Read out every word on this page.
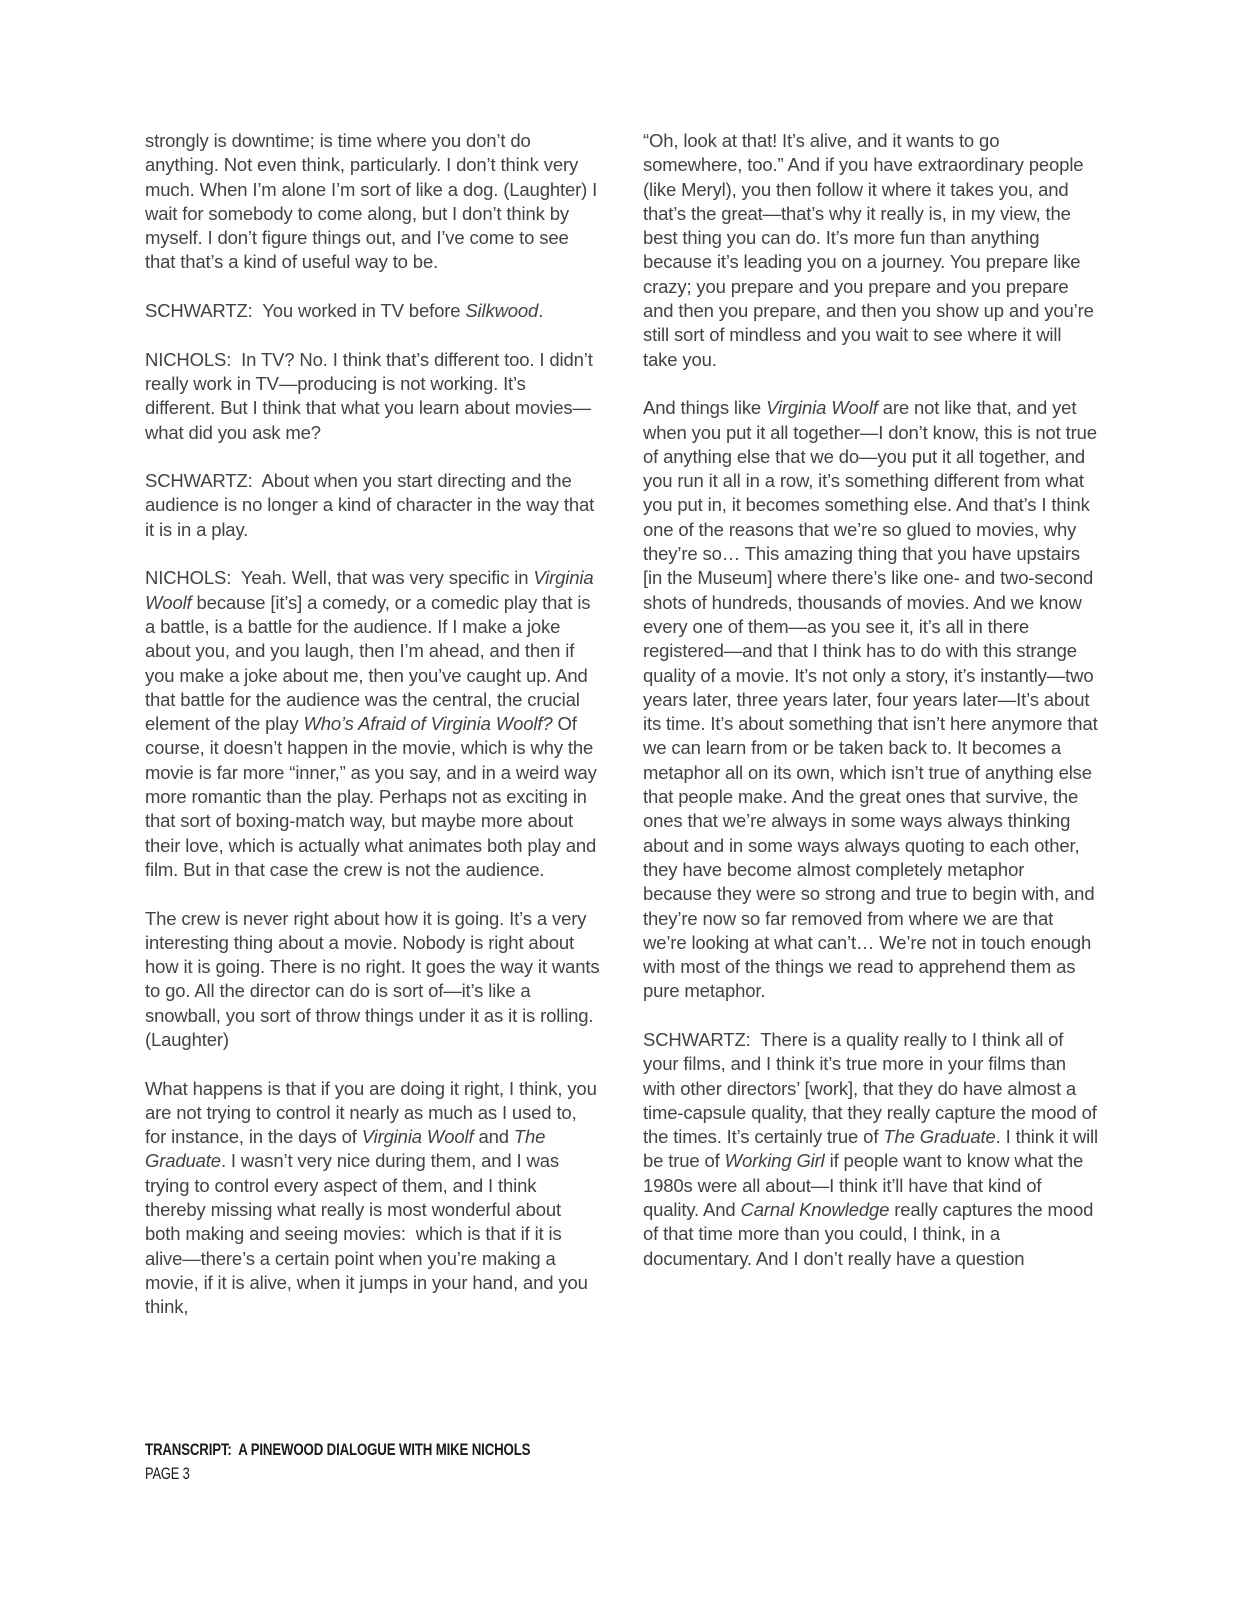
strongly is downtime; is time where you don’t do anything. Not even think, particularly. I don’t think very much. When I’m alone I’m sort of like a dog. (Laughter) I wait for somebody to come along, but I don’t think by myself. I don’t figure things out, and I’ve come to see that that’s a kind of useful way to be.

SCHWARTZ:  You worked in TV before Silkwood.

NICHOLS:  In TV? No. I think that’s different too. I didn’t really work in TV—producing is not working. It’s different. But I think that what you learn about movies—what did you ask me?

SCHWARTZ:  About when you start directing and the audience is no longer a kind of character in the way that it is in a play.

NICHOLS:  Yeah. Well, that was very specific in Virginia Woolf because [it’s] a comedy, or a comedic play that is a battle, is a battle for the audience. If I make a joke about you, and you laugh, then I’m ahead, and then if you make a joke about me, then you’ve caught up. And that battle for the audience was the central, the crucial element of the play Who’s Afraid of Virginia Woolf? Of course, it doesn’t happen in the movie, which is why the movie is far more “inner,” as you say, and in a weird way more romantic than the play. Perhaps not as exciting in that sort of boxing-match way, but maybe more about their love, which is actually what animates both play and film. But in that case the crew is not the audience.

The crew is never right about how it is going. It’s a very interesting thing about a movie. Nobody is right about how it is going. There is no right. It goes the way it wants to go. All the director can do is sort of—it’s like a snowball, you sort of throw things under it as it is rolling. (Laughter)

What happens is that if you are doing it right, I think, you are not trying to control it nearly as much as I used to, for instance, in the days of Virginia Woolf and The Graduate. I wasn’t very nice during them, and I was trying to control every aspect of them, and I think thereby missing what really is most wonderful about both making and seeing movies:  which is that if it is alive—there’s a certain point when you’re making a movie, if it is alive, when it jumps in your hand, and you think,

“Oh, look at that! It’s alive, and it wants to go somewhere, too.” And if you have extraordinary people (like Meryl), you then follow it where it takes you, and that’s the great—that’s why it really is, in my view, the best thing you can do. It’s more fun than anything because it’s leading you on a journey. You prepare like crazy; you prepare and you prepare and you prepare and then you prepare, and then you show up and you’re still sort of mindless and you wait to see where it will take you.

And things like Virginia Woolf are not like that, and yet when you put it all together—I don’t know, this is not true of anything else that we do—you put it all together, and you run it all in a row, it’s something different from what you put in, it becomes something else. And that’s I think one of the reasons that we’re so glued to movies, why they’re so… This amazing thing that you have upstairs [in the Museum] where there’s like one- and two-second shots of hundreds, thousands of movies. And we know every one of them—as you see it, it’s all in there registered—and that I think has to do with this strange quality of a movie. It’s not only a story, it’s instantly—two years later, three years later, four years later—It’s about its time. It’s about something that isn’t here anymore that we can learn from or be taken back to. It becomes a metaphor all on its own, which isn’t true of anything else that people make. And the great ones that survive, the ones that we’re always in some ways always thinking about and in some ways always quoting to each other, they have become almost completely metaphor because they were so strong and true to begin with, and they’re now so far removed from where we are that we’re looking at what can’t… We’re not in touch enough with most of the things we read to apprehend them as pure metaphor.

SCHWARTZ:  There is a quality really to I think all of your films, and I think it’s true more in your films than with other directors’ [work], that they do have almost a time-capsule quality, that they really capture the mood of the times. It’s certainly true of The Graduate. I think it will be true of Working Girl if people want to know what the 1980s were all about—I think it’ll have that kind of quality. And Carnal Knowledge really captures the mood of that time more than you could, I think, in a documentary. And I don’t really have a question

TRANSCRIPT:  A PINEWOOD DIALOGUE WITH MIKE NICHOLS
PAGE 3
